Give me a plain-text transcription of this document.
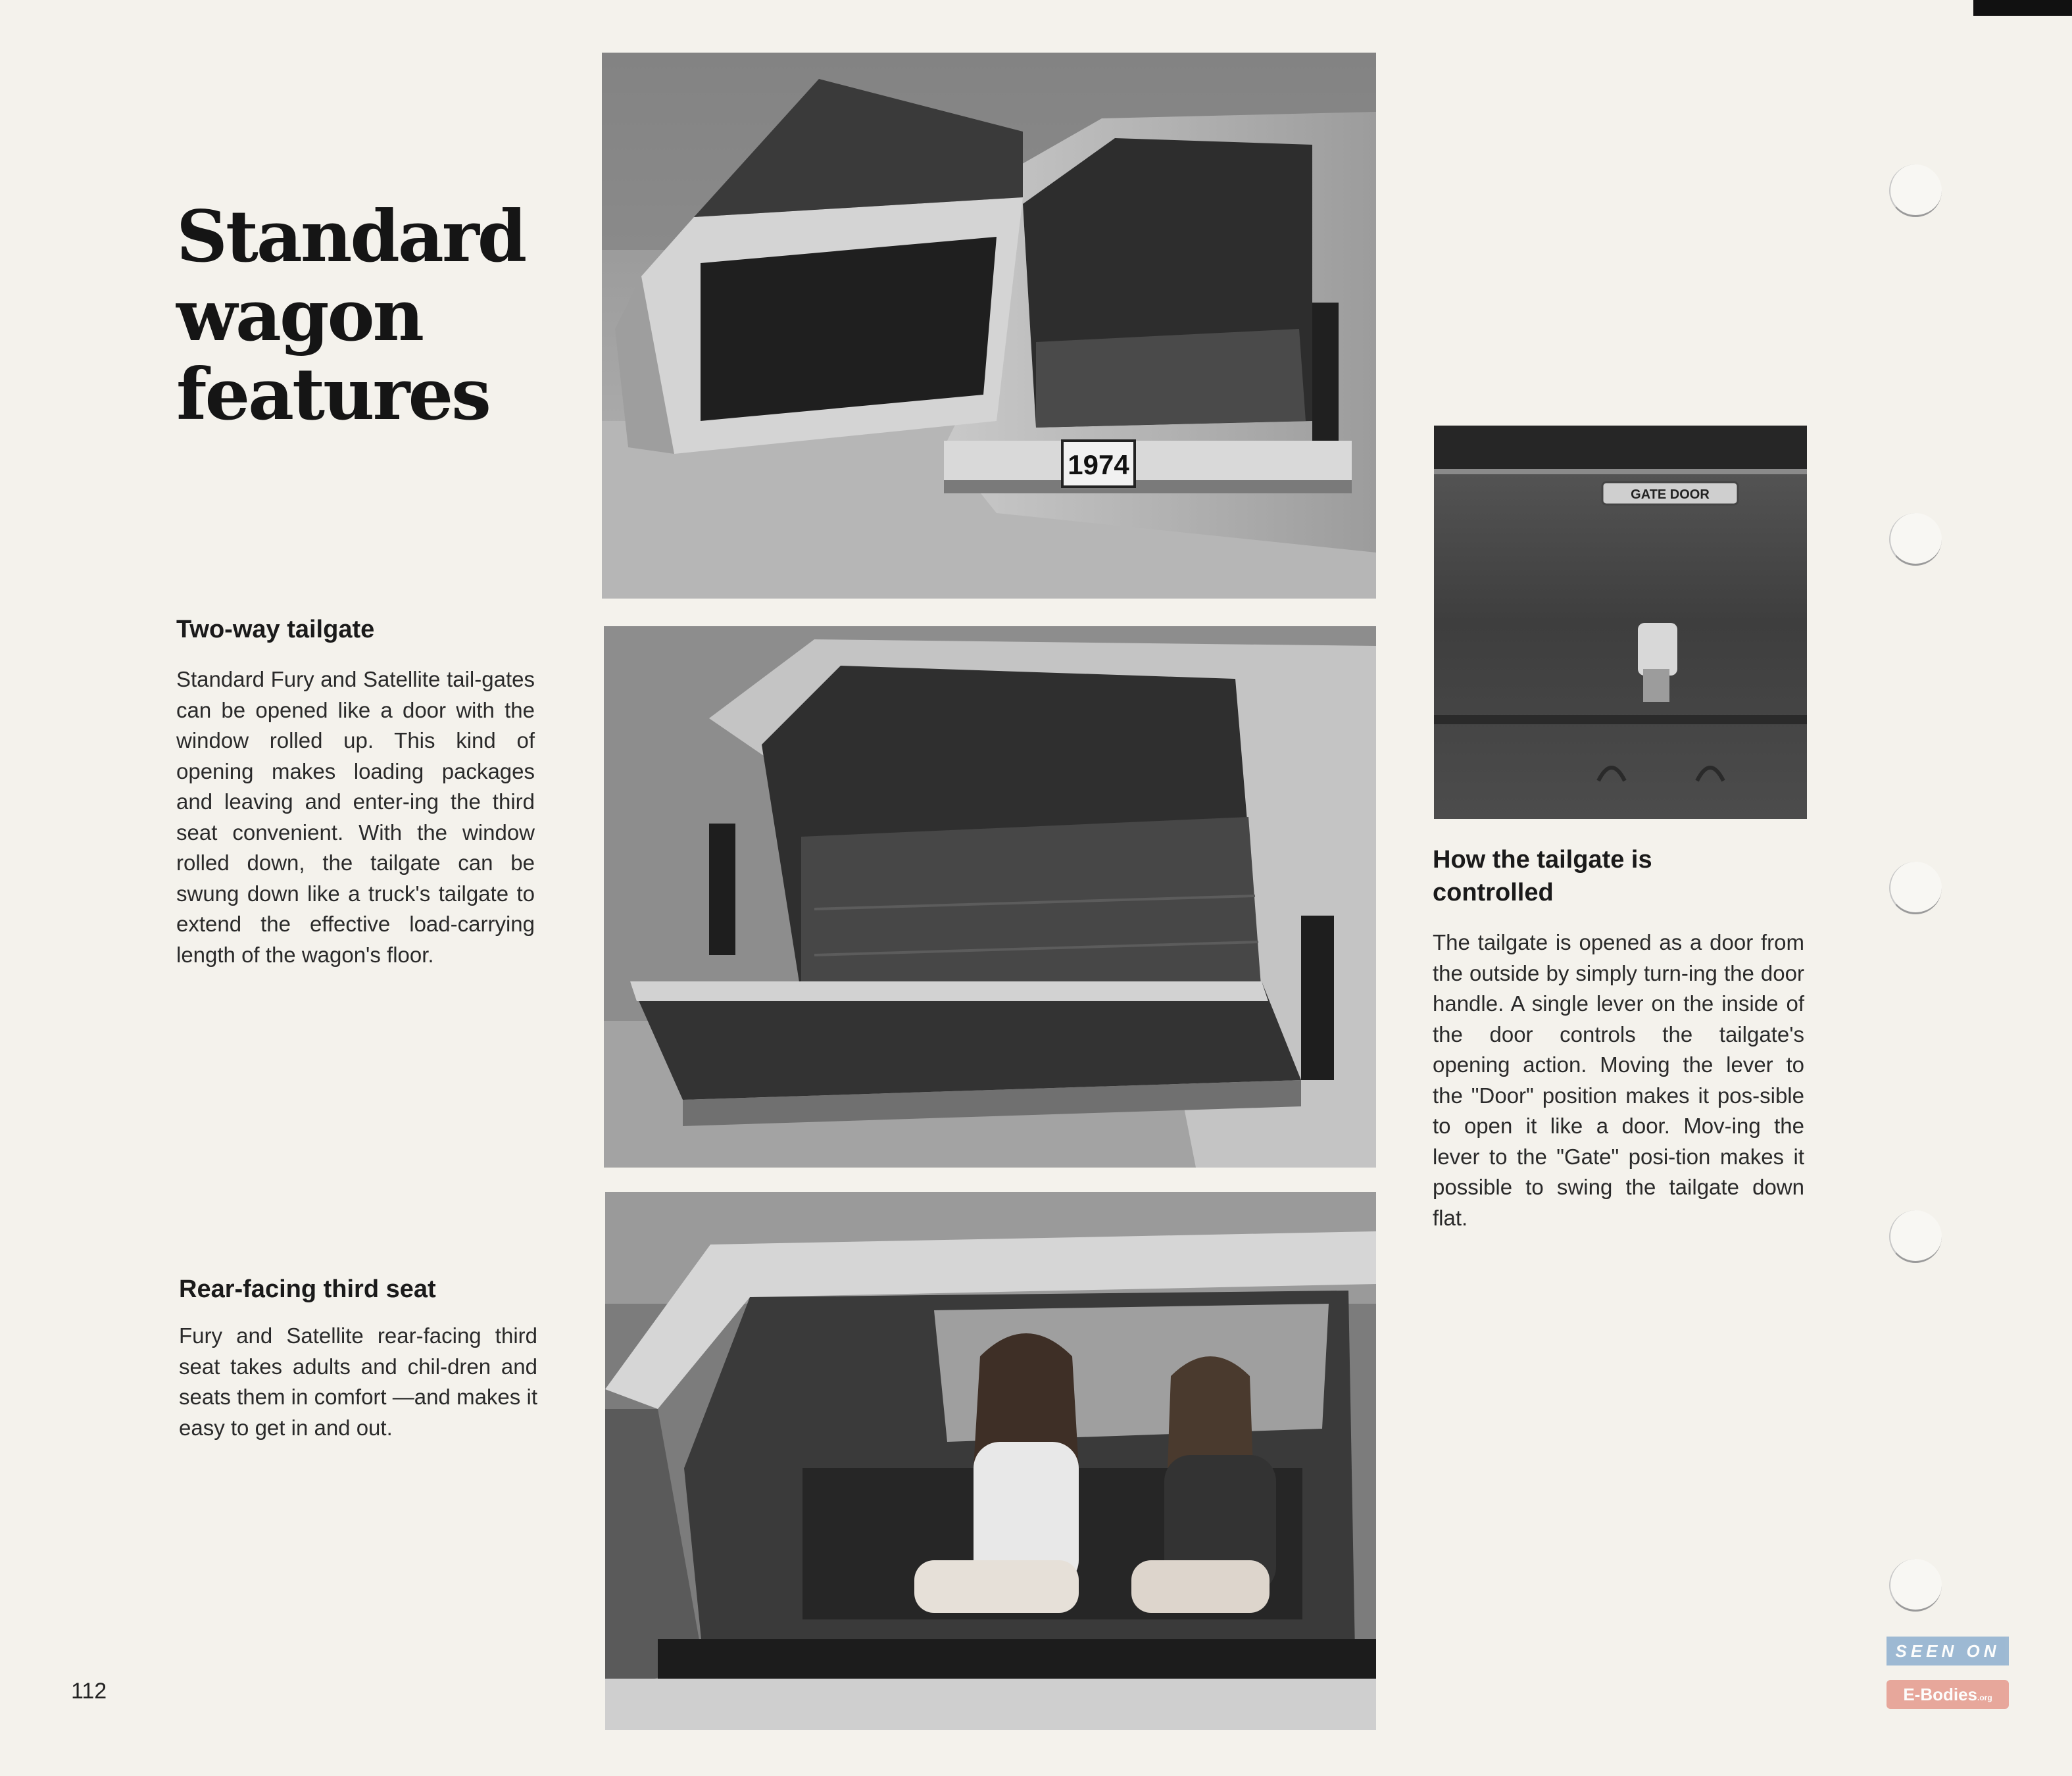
Standard
wagon
features
Two-way tailgate

Standard Fury and Satellite tail-gates can be opened like a door with the window rolled up. This kind of opening makes loading packages and leaving and enter-ing the third seat convenient. With the window rolled down, the tailgate can be swung down like a truck's tailgate to extend the effective load-carrying length of the wagon's floor.

Rear-facing third seat

Fury and Satellite rear-facing third seat takes adults and chil-dren and seats them in comfort —and makes it easy to get in and out.

How the tailgate is controlled

The tailgate is opened as a door from the outside by simply turn-ing the door handle. A single lever on the inside of the door controls the tailgate's opening action. Moving the lever to the "Door" position makes it pos-sible to open it like a door. Mov-ing the lever to the "Gate" posi-tion makes it possible to swing the tailgate down flat.

1974
GATE DOOR
112
SEEN ON
E-Bodies.org
